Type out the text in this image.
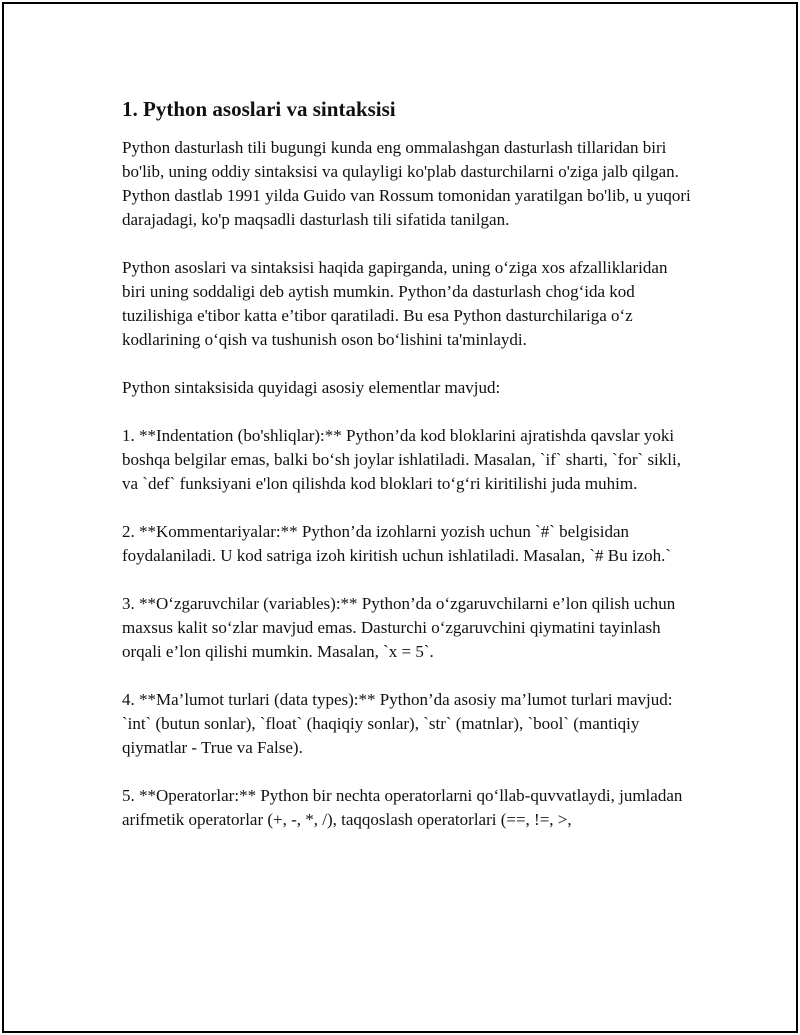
1. Python asoslari va sintaksisi

Python dasturlash tili bugungi kunda eng ommalashgan dasturlash tillaridan biri bo'lib, uning oddiy sintaksisi va qulayligi ko'plab dasturchilarni o'ziga jalb qilgan. Python dastlab 1991 yilda Guido van Rossum tomonidan yaratilgan bo'lib, u yuqori darajadagi, ko'p maqsadli dasturlash tili sifatida tanilgan.

Python asoslari va sintaksisi haqida gapirganda, uning o‘ziga xos afzalliklaridan biri uning soddaligi deb aytish mumkin. Python’da dasturlash chog‘ida kod tuzilishiga e'tibor katta e’tibor qaratiladi. Bu esa Python dasturchilariga o‘z kodlarining o‘qish va tushunish oson bo‘lishini ta'minlaydi.

Python sintaksisida quyidagi asosiy elementlar mavjud:

1. **Indentation (bo'shliqlar):** Python’da kod bloklarini ajratishda qavslar yoki boshqa belgilar emas, balki bo‘sh joylar ishlatiladi. Masalan, `if` sharti, `for` sikli, va `def` funksiyani e'lon qilishda kod bloklari to‘g‘ri kiritilishi juda muhim.

2. **Kommentariyalar:** Python’da izohlarni yozish uchun `#` belgisidan foydalaniladi. U kod satriga izoh kiritish uchun ishlatiladi. Masalan, `# Bu izoh.`

3. **O‘zgaruvchilar (variables):** Python’da o‘zgaruvchilarni e’lon qilish uchun maxsus kalit so‘zlar mavjud emas. Dasturchi o‘zgaruvchini qiymatini tayinlash orqali e’lon qilishi mumkin. Masalan, `x = 5`.

4. **Ma’lumot turlari (data types):** Python’da asosiy ma’lumot turlari mavjud: `int` (butun sonlar), `float` (haqiqiy sonlar), `str` (matnlar), `bool` (mantiqiy qiymatlar - True va False).

5. **Operatorlar:** Python bir nechta operatorlarni qo‘llab-quvvatlaydi, jumladan arifmetik operatorlar (+, -, *, /), taqqoslash operatorlari (==, !=, >,
